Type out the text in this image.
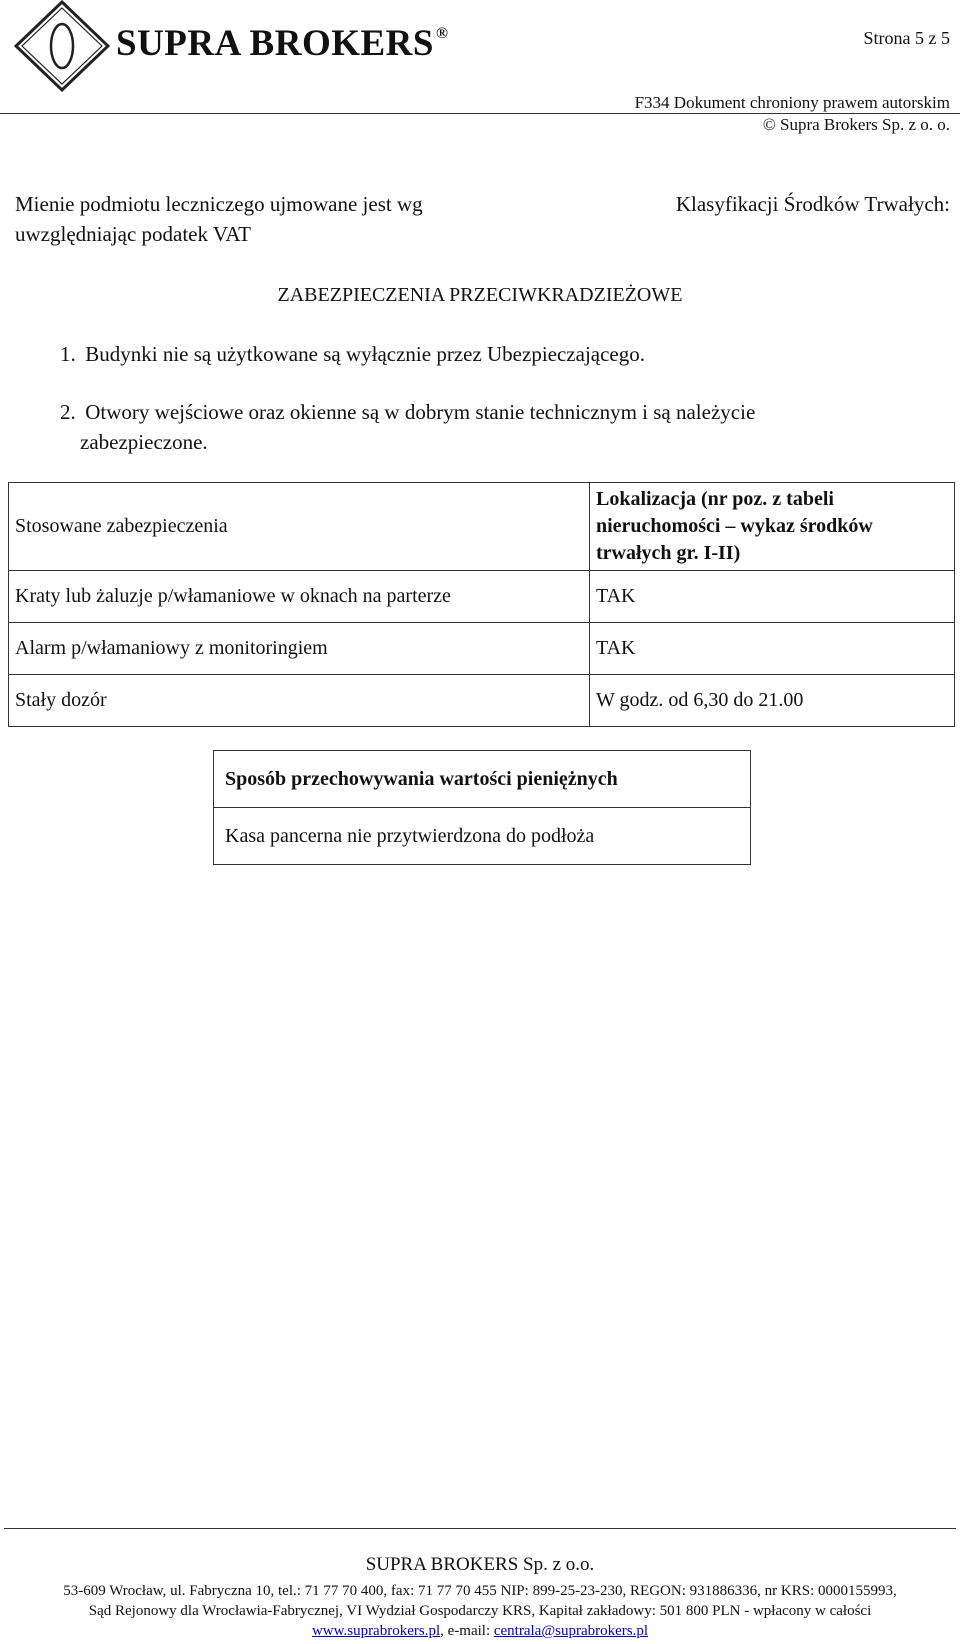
SUPRA BROKERS ®	Strona 5 z 5
F334 Dokument chroniony prawem autorskim
© Supra Brokers Sp. z o. o.
Mienie podmiotu leczniczego ujmowane jest wg	Klasyfikacji Środków Trwałych:
uwzględniając podatek VAT
ZABEZPIECZENIA PRZECIWKRADZIEŻOWE
1. Budynki nie są użytkowane są wyłącznie przez Ubezpieczającego.
2. Otwory wejściowe oraz okienne są w dobrym stanie technicznym i są należycie
zabezpieczone.
Stosowane zabezpieczenia	Lokalizacja (nr poz. z tabeli nieruchomości – wykaz środków trwałych gr. I-II)
Kraty lub żaluzje p/włamaniowe w oknach na parterze	TAK
Alarm p/włamaniowy z monitoringiem	TAK
Stały dozór	W godz. od 6,30 do 21.00
Sposób przechowywania wartości pieniężnych
Kasa pancerna nie przytwierdzona do podłoża
SUPRA BROKERS Sp. z o.o.
53-609 Wrocław, ul. Fabryczna 10, tel.: 71 77 70 400, fax: 71 77 70 455 NIP: 899-25-23-230, REGON: 931886336, nr KRS: 0000155993,
Sąd Rejonowy dla Wrocławia-Fabrycznej, VI Wydział Gospodarczy KRS, Kapitał zakładowy: 501 800 PLN - wpłacony w całości
www.suprabrokers.pl, e-mail: centrala@suprabrokers.pl
